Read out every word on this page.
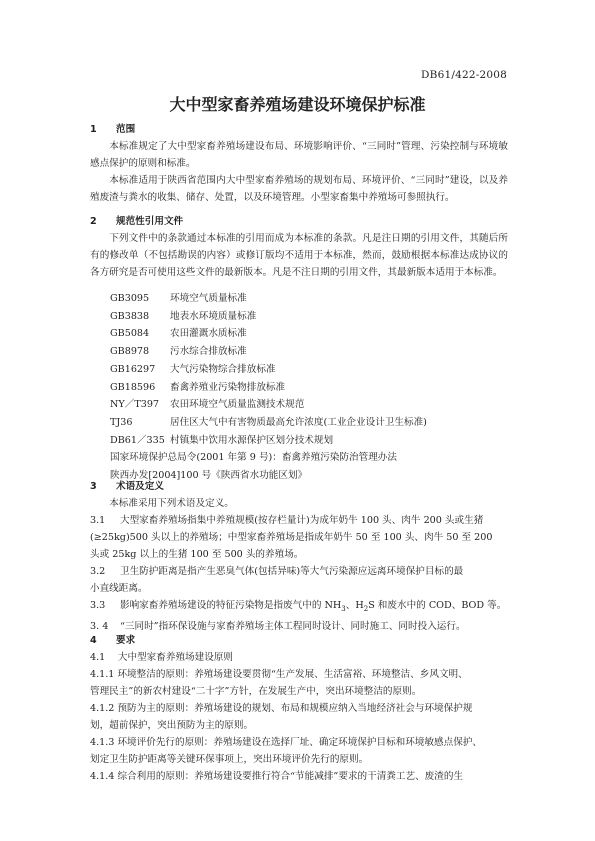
DB61/422-2008
大中型家畜养殖场建设环境保护标准
1 范围
本标准规定了大中型家畜养殖场建设布局、环境影响评价、“三同时”管理、污染控制与环境敏感点保护的原则和标准。
本标准适用于陕西省范围内大中型家畜养殖场的规划布局、环境评价、“三同时”建设，以及养殖废渣与粪水的收集、储存、处置，以及环境管理。小型家畜集中养殖场可参照执行。
2 规范性引用文件
下列文件中的条款通过本标准的引用而成为本标准的条款。凡是注日期的引用文件，其随后所有的修改单（不包括勘误的内容）或修订版均不适用于本标准，然而，鼓励根据本标准达成协议的各方研究是否可使用这些文件的最新版本。凡是不注日期的引用文件，其最新版本适用于本标准。
GB3095 环境空气质量标准
GB3838 地表水环境质量标准
GB5084 农田灌溉水质标准
GB8978 污水综合排放标准
GB16297 大气污染物综合排放标准
GB18596 畜禽养殖业污染物排放标准
NY／T397 农田环境空气质量监测技术规范
TJ36	居住区大气中有害物质最高允许浓度(工业企业设计卫生标准)
DB61／335 村镇集中饮用水源保护区划分技术规划
国家环境保护总局令(2001 年第 9 号)：畜禽养殖污染防治管理办法
陕西办发[2004]100 号《陕西省水功能区划》
3 术语及定义
本标准采用下列术语及定义。
3.1 大型家畜养殖场指集中养殖规模(按存栏量计)为成年奶牛 100 头、肉牛 200 头或生猪
(≥25kg)500 头以上的养殖场；中型家畜养殖场是指成年奶牛 50 至 100 头、肉牛 50 至 200
头或 25kg 以上的生猪 100 至 500 头的养殖场。
3.2 卫生防护距离是指产生恶臭气体(包括异味)等大气污染源应远离环境保护目标的最
小直线距离。
3.3 影响家畜养殖场建设的特征污染物是指废气中的 $NH_3$、$H_2S$ 和废水中的 COD、BOD 等。
3. 4 “三同时”指环保设施与家畜养殖场主体工程同时设计、同时施工、同时投入运行。
4 要求
4.1　 大中型家畜养殖场建设原则
4.1.1 环境整洁的原则：养殖场建设要贯彻“生产发展、生活富裕、环境整洁、乡风文明、
管理民主”的新农村建设“二十字”方针，在发展生产中，突出环境整洁的原则。
4.1.2 预防为主的原则：养殖场建设的规划、布局和规模应纳入当地经济社会与环境保护规
划，超前保护，突出预防为主的原则。
4.1.3 环境评价先行的原则：养殖场建设在选择厂址、确定环境保护目标和环境敏感点保护、
划定卫生防护距离等关键环保事项上，突出环境评价先行的原则。
4.1.4 综合利用的原则：养殖场建设要推行符合“节能减排”要求的干清粪工艺、废渣的生
